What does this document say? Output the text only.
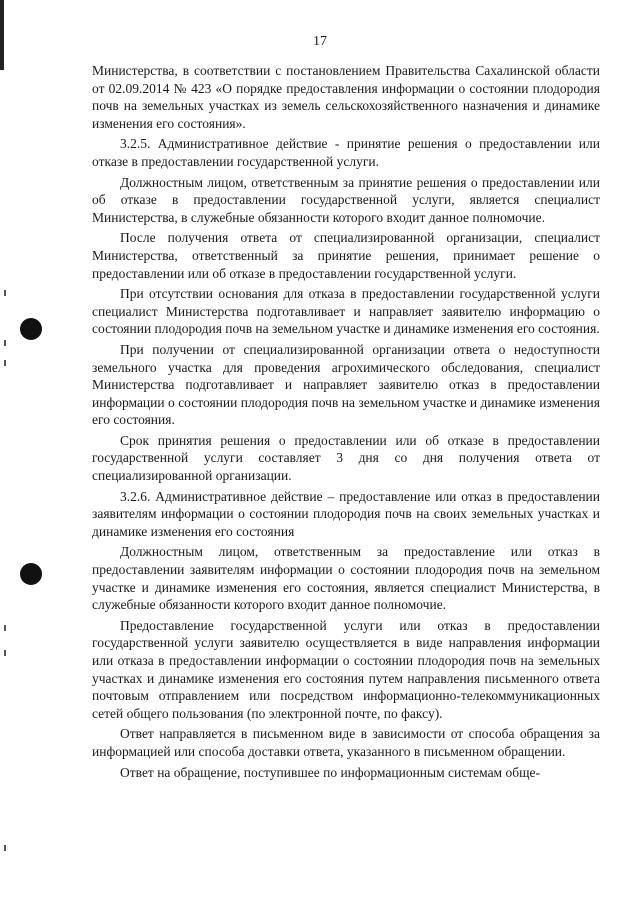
17

Министерства, в соответствии с постановлением Правительства Сахалинской области от 02.09.2014 № 423 «О порядке предоставления информации о состоянии плодородия почв на земельных участках из земель сельскохозяйственного назначения и динамике изменения его состояния».

3.2.5. Административное действие - принятие решения о предоставлении или отказе в предоставлении государственной услуги.

Должностным лицом, ответственным за принятие решения о предоставлении или об отказе в предоставлении государственной услуги, является специалист Министерства, в служебные обязанности которого входит данное полномочие.

После получения ответа от специализированной организации, специалист Министерства, ответственный за принятие решения, принимает решение о предоставлении или об отказе в предоставлении государственной услуги.

При отсутствии основания для отказа в предоставлении государственной услуги специалист Министерства подготавливает и направляет заявителю информацию о состоянии плодородия почв на земельном участке и динамике изменения его состояния.

При получении от специализированной организации ответа о недоступности земельного участка для проведения агрохимического обследования, специалист Министерства подготавливает и направляет заявителю отказ в предоставлении информации о состоянии плодородия почв на земельном участке и динамике изменения его состояния.

Срок принятия решения о предоставлении или об отказе в предоставлении государственной услуги составляет 3 дня со дня получения ответа от специализированной организации.

3.2.6. Административное действие – предоставление или отказ в предоставлении заявителям информации о состоянии плодородия почв на своих земельных участках и динамике изменения его состояния

Должностным лицом, ответственным за предоставление или отказ в предоставлении заявителям информации о состоянии плодородия почв на земельном участке и динамике изменения его состояния, является специалист Министерства, в служебные обязанности которого входит данное полномочие.

Предоставление государственной услуги или отказ в предоставлении государственной услуги заявителю осуществляется в виде направления информации или отказа в предоставлении информации о состоянии плодородия почв на земельных участках и динамике изменения его состояния путем направления письменного ответа почтовым отправлением или посредством информационно-телекоммуникационных сетей общего пользования (по электронной почте, по факсу).

Ответ направляется в письменном виде в зависимости от способа обращения за информацией или способа доставки ответа, указанного в письменном обращении.

Ответ на обращение, поступившее по информационным системам обще-
